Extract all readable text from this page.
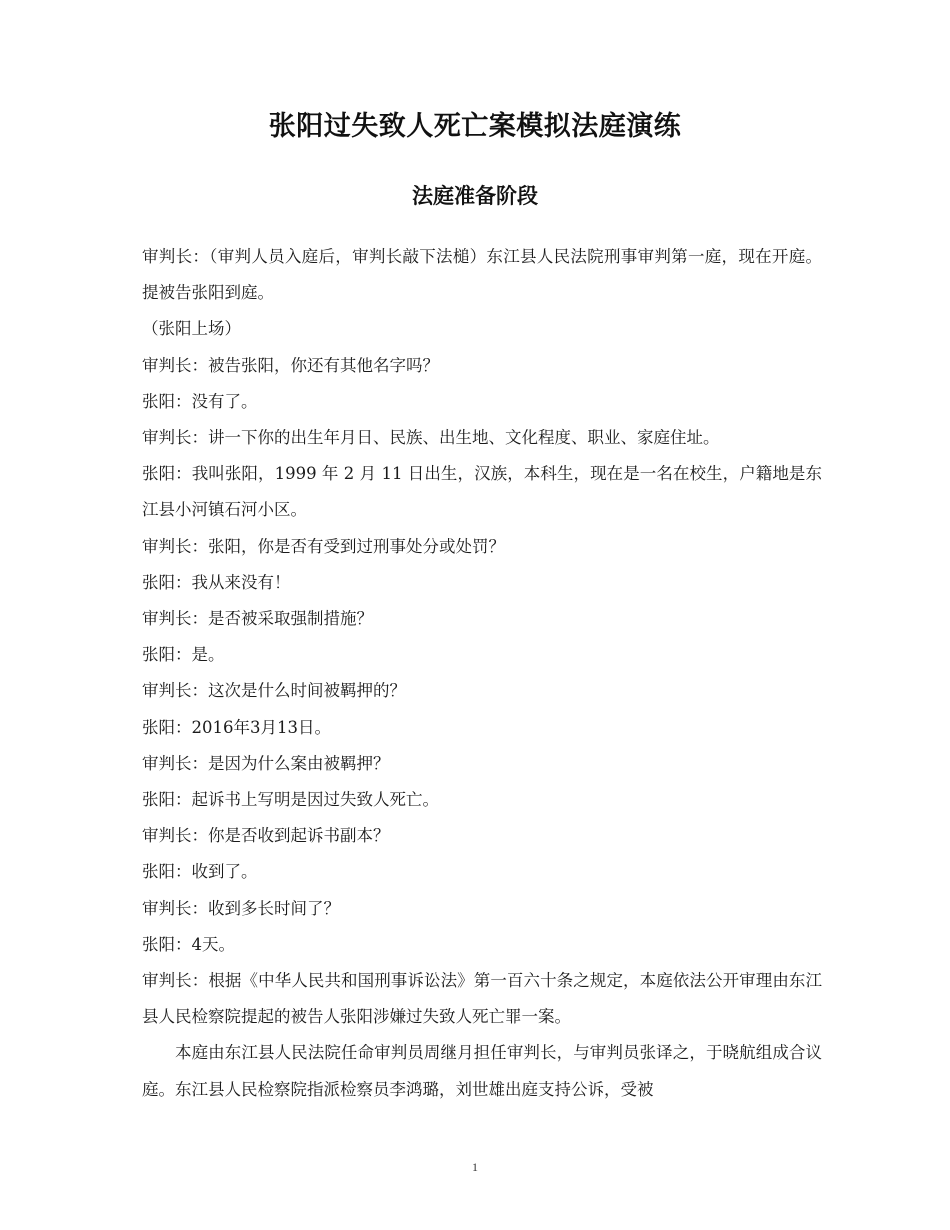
张阳过失致人死亡案模拟法庭演练
法庭准备阶段

审判长：（审判人员入庭后，审判长敲下法槌）东江县人民法院刑事审判第一庭，现在开庭。提被告张阳到庭。

（张阳上场）

审判长：被告张阳，你还有其他名字吗？

张阳：没有了。

审判长：讲一下你的出生年月日、民族、出生地、文化程度、职业、家庭住址。

张阳：我叫张阳，1999 年 2 月 11 日出生，汉族，本科生，现在是一名在校生，户籍地是东江县小河镇石河小区。

审判长：张阳，你是否有受到过刑事处分或处罚？

张阳：我从来没有！

审判长：是否被采取强制措施？

张阳：是。

审判长：这次是什么时间被羁押的？

张阳：2016年3月13日。

审判长：是因为什么案由被羁押？

张阳：起诉书上写明是因过失致人死亡。

审判长：你是否收到起诉书副本？

张阳：收到了。

审判长：收到多长时间了？

张阳：4天。

审判长：根据《中华人民共和国刑事诉讼法》第一百六十条之规定，本庭依法公开审理由东江县人民检察院提起的被告人张阳涉嫌过失致人死亡罪一案。

本庭由东江县人民法院任命审判员周继月担任审判长，与审判员张译之，于晓航组成合议庭。东江县人民检察院指派检察员李鸿璐，刘世雄出庭支持公诉，受被

1
